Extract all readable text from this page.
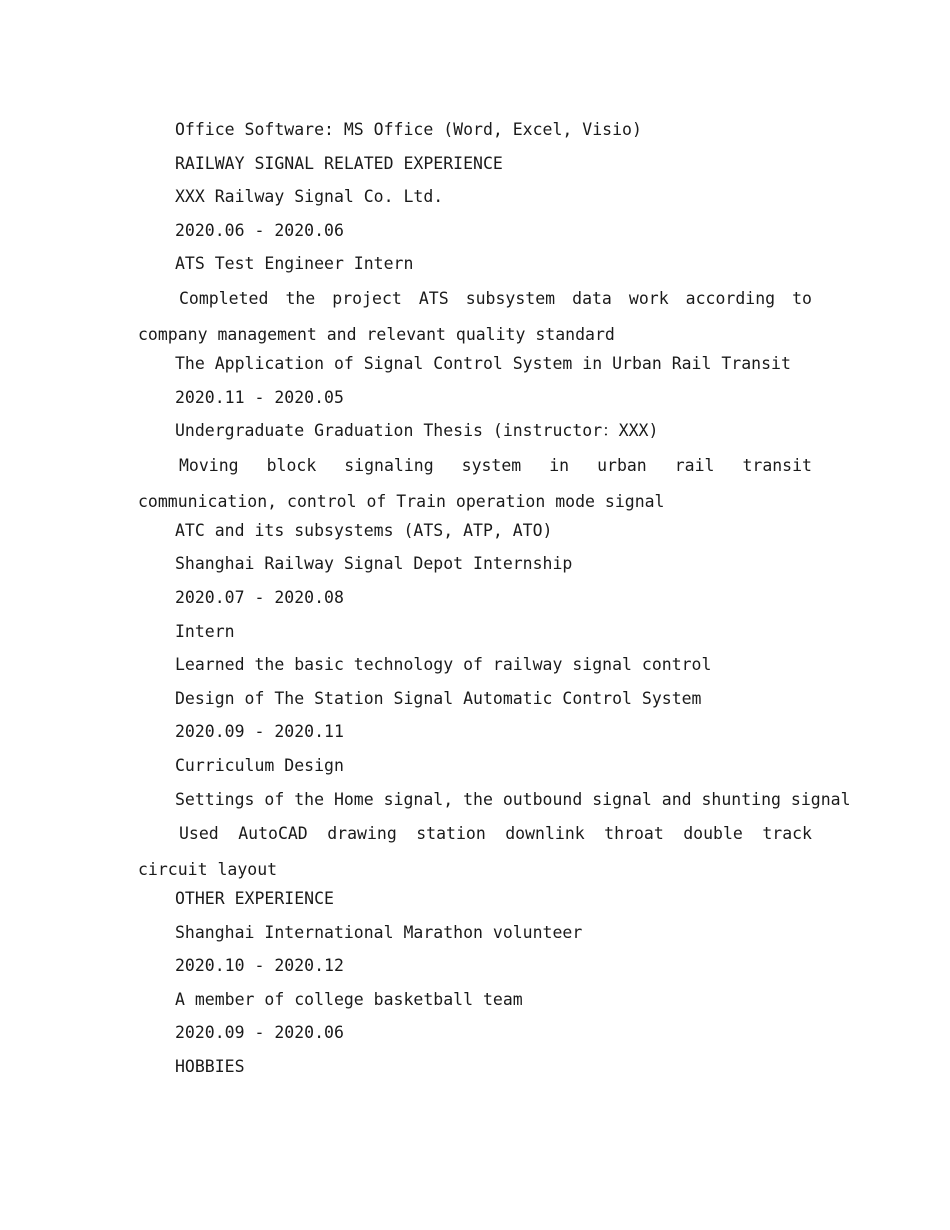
Office Software: MS Office (Word, Excel, Visio)
RAILWAY SIGNAL RELATED EXPERIENCE
XXX Railway Signal Co. Ltd.
2020.06 - 2020.06
ATS Test Engineer Intern
Completed the project ATS subsystem data work according to company management and relevant quality standard
The Application of Signal Control System in Urban Rail Transit
2020.11 - 2020.05
Undergraduate Graduation Thesis (instructor：XXX)
Moving block signaling system in urban rail transit communication, control of Train operation mode signal
ATC and its subsystems (ATS, ATP, ATO)
Shanghai Railway Signal Depot Internship
2020.07 - 2020.08
Intern
Learned the basic technology of railway signal control
Design of The Station Signal Automatic Control System
2020.09 - 2020.11
Curriculum Design
Settings of the Home signal, the outbound signal and shunting signal
Used AutoCAD drawing station downlink throat double track circuit layout
OTHER EXPERIENCE
Shanghai International Marathon volunteer
2020.10 - 2020.12
A member of college basketball team
2020.09 - 2020.06
HOBBIES
